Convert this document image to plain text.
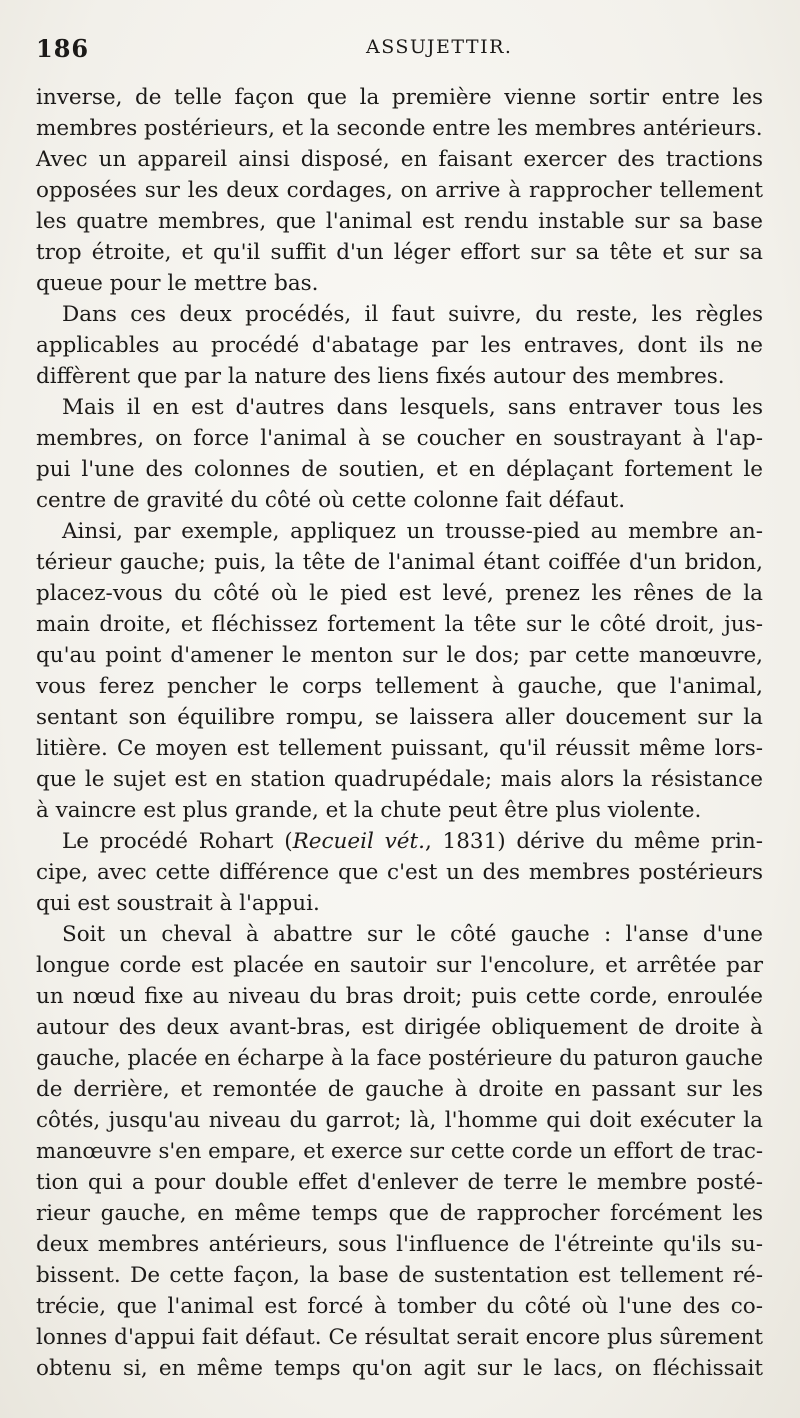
186	ASSUJETTIR.
inverse, de telle façon que la première vienne sortir entre les
membres postérieurs, et la seconde entre les membres antérieurs.
Avec un appareil ainsi disposé, en faisant exercer des tractions
opposées sur les deux cordages, on arrive à rapprocher tellement
les quatre membres, que l'animal est rendu instable sur sa base
trop étroite, et qu'il suffit d'un léger effort sur sa tête et sur sa
queue pour le mettre bas.
Dans ces deux procédés, il faut suivre, du reste, les règles
applicables au procédé d'abatage par les entraves, dont ils ne
diffèrent que par la nature des liens fixés autour des membres.
Mais il en est d'autres dans lesquels, sans entraver tous les
membres, on force l'animal à se coucher en soustrayant à l'ap-
pui l'une des colonnes de soutien, et en déplaçant fortement le
centre de gravité du côté où cette colonne fait défaut.
Ainsi, par exemple, appliquez un trousse-pied au membre an-
térieur gauche; puis, la tête de l'animal étant coiffée d'un bridon,
placez-vous du côté où le pied est levé, prenez les rênes de la
main droite, et fléchissez fortement la tête sur le côté droit, jus-
qu'au point d'amener le menton sur le dos; par cette manœuvre,
vous ferez pencher le corps tellement à gauche, que l'animal,
sentant son équilibre rompu, se laissera aller doucement sur la
litière. Ce moyen est tellement puissant, qu'il réussit même lors-
que le sujet est en station quadrupédale; mais alors la résistance
à vaincre est plus grande, et la chute peut être plus violente.
Le procédé Rohart (Recueil vét., 1831) dérive du même prin-
cipe, avec cette différence que c'est un des membres postérieurs
qui est soustrait à l'appui.
Soit un cheval à abattre sur le côté gauche : l'anse d'une
longue corde est placée en sautoir sur l'encolure, et arrêtée par
un nœud fixe au niveau du bras droit; puis cette corde, enroulée
autour des deux avant-bras, est dirigée obliquement de droite à
gauche, placée en écharpe à la face postérieure du paturon gauche
de derrière, et remontée de gauche à droite en passant sur les
côtés, jusqu'au niveau du garrot; là, l'homme qui doit exécuter la
manœuvre s'en empare, et exerce sur cette corde un effort de trac-
tion qui a pour double effet d'enlever de terre le membre posté-
rieur gauche, en même temps que de rapprocher forcément les
deux membres antérieurs, sous l'influence de l'étreinte qu'ils su-
bissent. De cette façon, la base de sustentation est tellement ré-
trécie, que l'animal est forcé à tomber du côté où l'une des co-
lonnes d'appui fait défaut. Ce résultat serait encore plus sûrement
obtenu si, en même temps qu'on agit sur le lacs, on fléchissait
